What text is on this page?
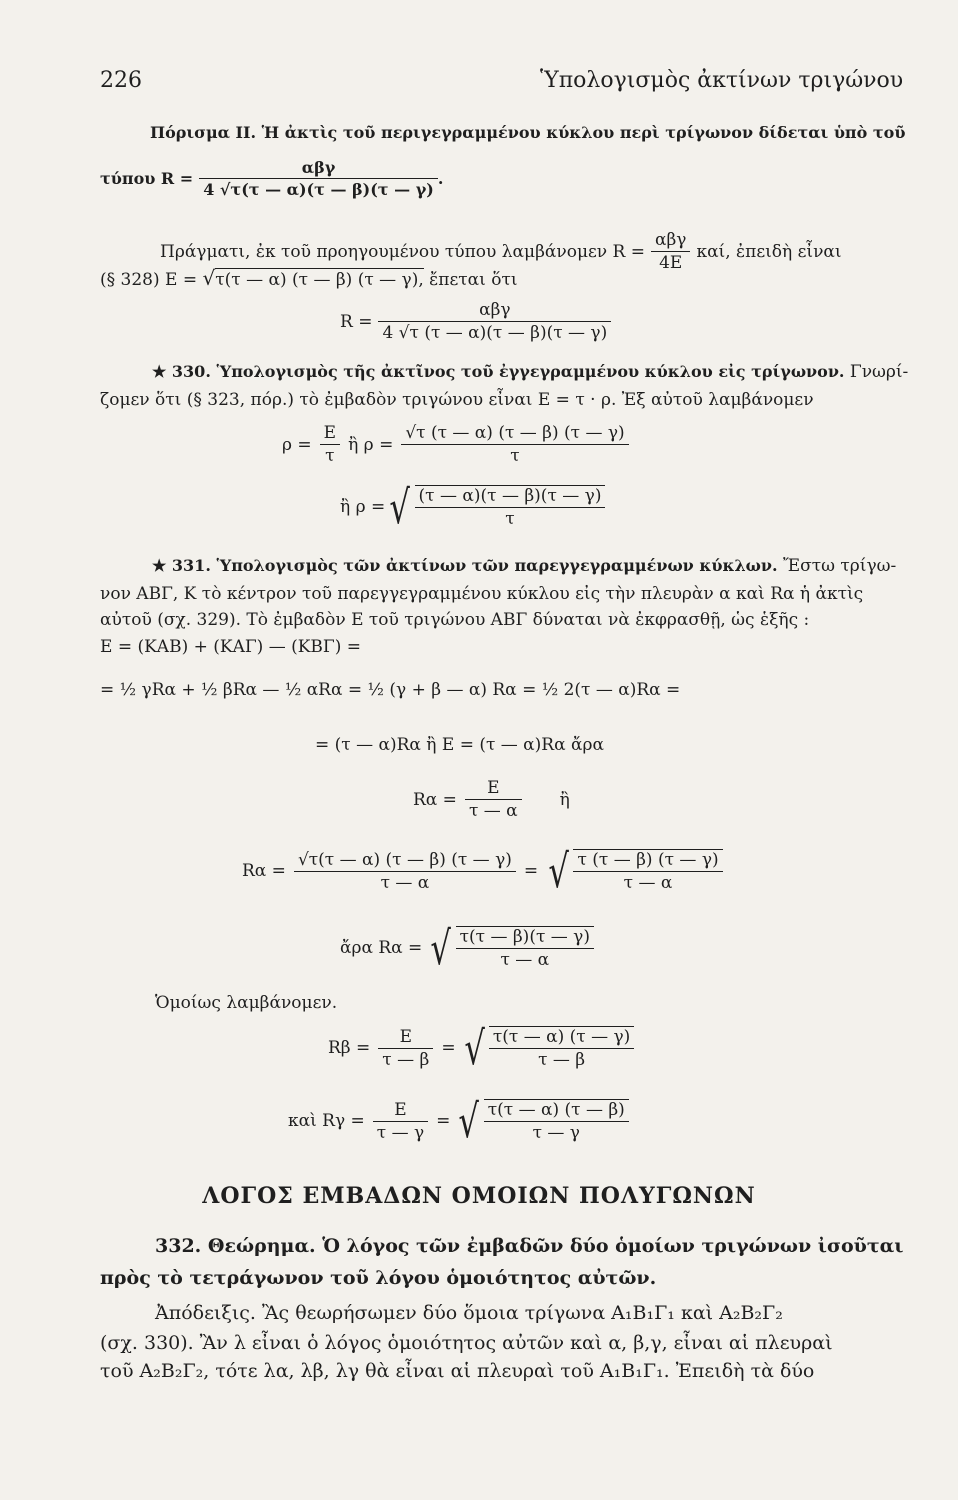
226	Ὑπολογισμὸς ἀκτίνων τριγώνου
Πόρισμα ΙΙ. Ἡ ἀκτὶς τοῦ περιγεγραμμένου κύκλου περὶ τρίγωνον δίδεται ὑπὸ τοῦ
τύπου $R = \frac{\text{αβγ}}{4 √\tau(\tau — \alpha)(\tau — \beta)(\tau — \gamma)}$ .
Πράγματι, ἐκ τοῦ προηγουμένου τύπου λαμβάνομεν $R = \frac{\text{αβγ}}{4E} \kappa\alpha ί$, ἐπειδὴ εἶναι
(§ 328) Ε = √τ(τ — α) (τ — β) (τ — γ), ἔπεται ὅτι
$R = \frac{\text{αβγ}}{4 √\tau (\tau — \alpha)(\tau — \beta)(\tau — \gamma)}$
★ 330. Ὑπολογισμὸς τῆς ἀκτῖνος τοῦ ἐγγεγραμμένου κύκλου εἰς τρίγωνον. Γνωρί-
ζομεν ὅτι (§ 323, πόρ.) τὸ ἐμβαδὸν τριγώνου εἶναι Ε = τ · ρ. Ἐξ αὐτοῦ λαμβάνομεν
$\rho = \frac{E}{\tau}$ ἢ $\rho = \frac{√\tau (\tau — \alpha) (\tau — \beta) (\tau — \gamma)}{\tau}$
ἢ ρ = √ $\frac{(\tau — \alpha)(\tau — \beta)(\tau — \gamma)}{\tau}$
★ 331. Ὑπολογισμὸς τῶν ἀκτίνων τῶν παρεγγεγραμμένων κύκλων. Ἔστω τρίγω-
νον ΑΒΓ, Κ τὸ κέντρον τοῦ παρεγγεγραμμένου κύκλου εἰς τὴν πλευρὰν α καὶ Rα ἡ ἀκτὶς
αὐτοῦ (σχ. 329). Τὸ ἐμβαδὸν Ε τοῦ τριγώνου ΑΒΓ δύναται νὰ ἐκφρασθῇ, ὡς ἑξῆς :
Ε = (ΚΑΒ) + (ΚΑΓ) — (ΚΒΓ) =
= ½ γRα + ½ βRα — ½ αRα = ½ (γ + β — α) Rα = ½ 2(τ — α)Rα =
= (τ — α)Rα ἢ Ε = (τ — α)Rα ἄρα
$R\alpha = \frac{E}{\tau — \alpha}$ ἢ
$R\alpha = \frac{√\tau(\tau — \alpha) (\tau — \beta) (\tau — \gamma)}{\tau — \alpha}$ = √ $\frac{\tau (\tau — \beta) (\tau — \gamma)}{\tau — \alpha}$
ἄρα Rα = √ $\frac{\tau(\tau — \beta)(\tau — \gamma)}{\tau — \alpha}$
Ὁμοίως λαμβάνομεν.
$R\beta = \frac{E}{\tau — \beta}$ = √ $\frac{\tau(\tau — \alpha) (\tau — \gamma)}{\tau — \beta}$
καὶ $R\gamma = \frac{E}{\tau — \gamma}$ = √ $\frac{\tau(\tau — \alpha) (\tau — \beta)}{\tau — \gamma}$
ΛΟΓΟΣ ΕΜΒΑΔΩΝ ΟΜΟΙΩΝ ΠΟΛΥΓΩΝΩΝ
332. Θεώρημα. Ὁ λόγος τῶν ἐμβαδῶν δύο ὁμοίων τριγώνων ἰσοῦται
πρὸς τὸ τετράγωνον τοῦ λόγου ὁμοιότητος αὐτῶν.
Ἀπόδειξις. Ἂς θεωρήσωμεν δύο ὅμοια τρίγωνα Α₁Β₁Γ₁ καὶ Α₂Β₂Γ₂
(σχ. 330). Ἂν λ εἶναι ὁ λόγος ὁμοιότητος αὐτῶν καὶ α, β,γ, εἶναι αἱ πλευραὶ
τοῦ Α₂Β₂Γ₂, τότε λα, λβ, λγ θὰ εἶναι αἱ πλευραὶ τοῦ Α₁Β₁Γ₁. Ἐπειδὴ τὰ δύο
